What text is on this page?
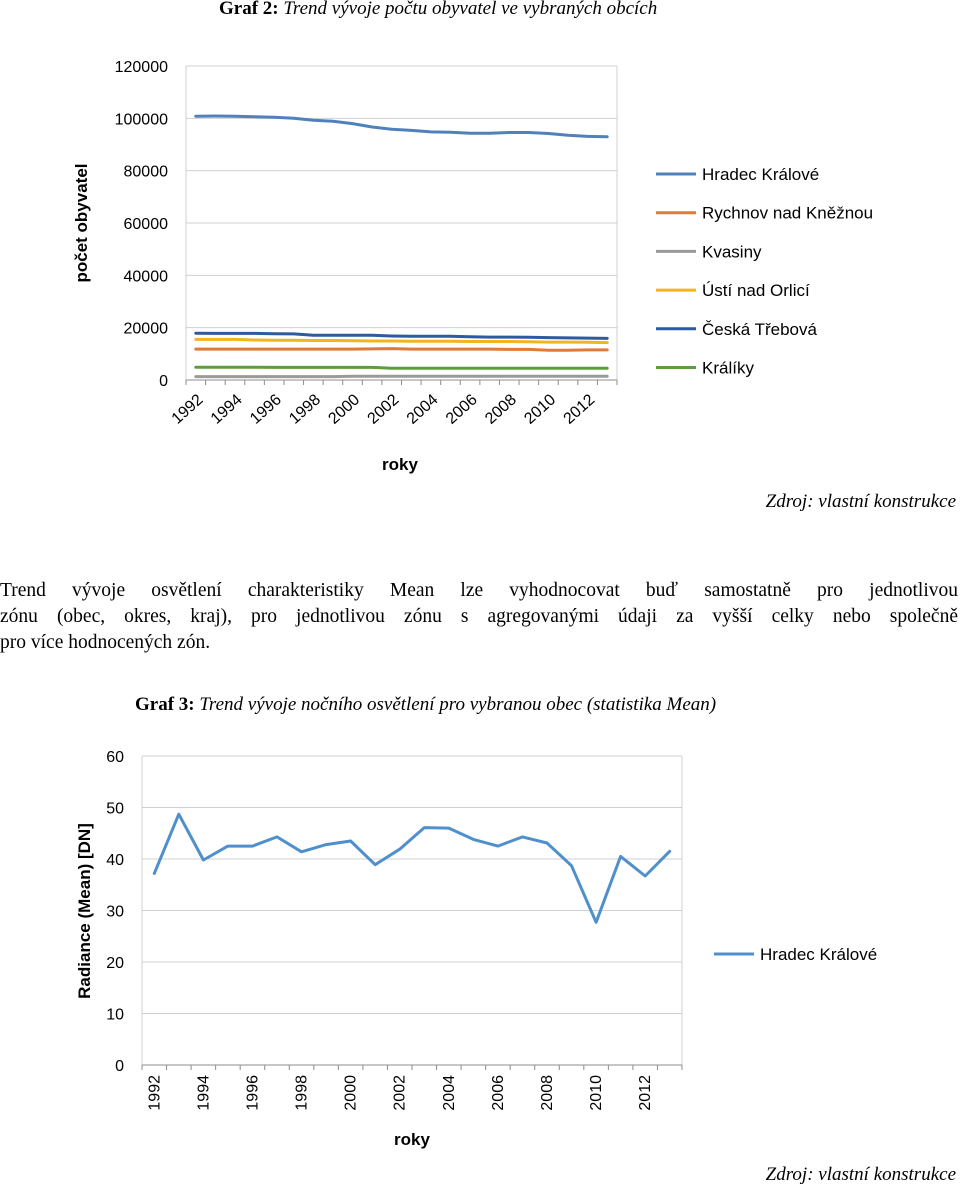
Graf 2: Trend vývoje počtu obyvatel ve vybraných obcích
0
20000
40000
60000
80000
100000
120000
1992 1994 1996 1998 2000 2002 2004 2006 2008 2010 2012
roky
počet obyvatel	Hradec Králové
Rychnov nad Kněžnou
Kvasiny
Ústí nad Orlicí
Česká Třebová
Králíky
Zdroj: vlastní konstrukce
Trend vývoje osvětlení charakteristiky Mean lze vyhodnocovat buď samostatně pro jednotlivou
zónu (obec, okres, kraj), pro jednotlivou zónu s agregovanými údaji za vyšší celky nebo společně
pro více hodnocených zón.
Graf 3: Trend vývoje nočního osvětlení pro vybranou obec (statistika Mean)
0
10
20
30
40
50
60
1992 1994 1996 1998 2000 2002 2004 2006 2008 2010 2012
roky
Radiance (Mean) [DN]	Hradec Králové
Zdroj: vlastní konstrukce
